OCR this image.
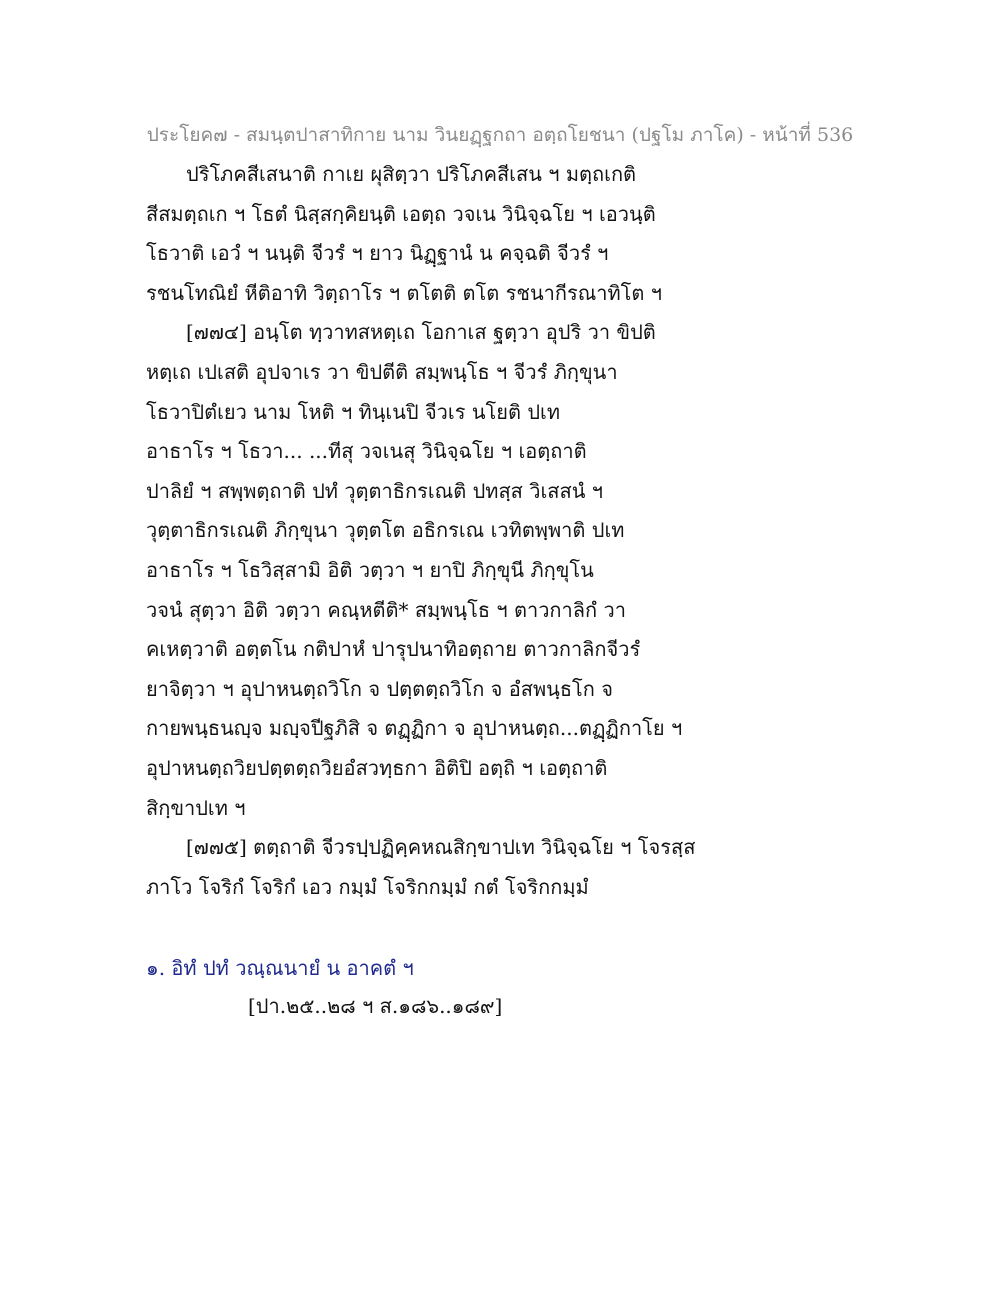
ประโยค๗ - สมนฺตปาสาทิกาย นาม วินยฏฺฐกถา อตฺถโยชนา (ปฐโม ภาโค) - หน้าที่ 536
ปริโภคสีเสนาติ กาเย ผุสิตฺวา ปริโภคสีเสน ฯ มตฺถเกติ
สีสมตฺถเก ฯ โธตํ นิสฺสกฺคิยนฺติ เอตฺถ วจเน วินิจฺฉโย ฯ เอวนฺติ
โธวาติ เอวํ ฯ นนฺติ จีวรํ ฯ ยาว นิฏฺฐานํ น คจฺฉติ จีวรํ ฯ
รชนโทณิยํ หีติอาทิ วิตฺถาโร ฯ ตโตติ ตโต รชนากีรณาทิโต ฯ
[๗๗๔] อนฺโต ทฺวาทสหตฺเถ โอกาเส ฐตฺวา อุปริ วา ขิปติ
หตฺเถ เปเสติ อุปจาเร วา ขิปตีติ สมฺพนฺโธ ฯ จีวรํ ภิกฺขุนา
โธวาปิตํเยว นาม โหติ ฯ ทินฺเนปิ จีวเร นโยติ ปเท
อาธาโร ฯ โธวา... ...ทีสุ วจเนสุ วินิจฺฉโย ฯ เอตฺถาติ
ปาลิยํ ฯ สพฺพตฺถาติ ปทํ วุตฺตาธิกรเณติ ปทสฺส วิเสสนํ ฯ
วุตฺตาธิกรเณติ ภิกฺขุนา วุตฺตโต อธิกรเณ เวทิตพฺพาติ ปเท
อาธาโร ฯ โธวิสฺสามิ อิติ วตฺวา ฯ ยาปิ ภิกฺขุนี ภิกฺขุโน
วจนํ สุตฺวา อิติ วตฺวา คณฺหตีติ* สมฺพนฺโธ ฯ ตาวกาลิกํ วา
คเหตฺวาติ อตฺตโน กติปาหํ ปารุปนาทิอตฺถาย ตาวกาลิกจีวรํ
ยาจิตฺวา ฯ อุปาหนตฺถวิโก จ ปตฺตตฺถวิโก จ อํสพนฺธโก จ
กายพนฺธนญฺจ มญฺจปีฐภิสิ จ ตฏฺฏิกา จ อุปาหนตฺถ...ตฏฺฏิกาโย ฯ
อุปาหนตฺถวิยปตฺตตฺถวิยอํสวทฺธกา อิติปิ อตฺถิ ฯ เอตฺถาติ
สิกฺขาปเท ฯ
[๗๗๕] ตตฺถาติ จีวรปฺปฏิคฺคหณสิกฺขาปเท วินิจฺฉโย ฯ โจรสฺส
ภาโว โจริกํ โจริกํ เอว กมฺมํ โจริกกมฺมํ กตํ โจริกกมฺมํ
๑. อิทํ ปทํ วณฺณนายํ น อาคตํ ฯ
[ปา.๒๕..๒๘ ฯ ส.๑๘๖..๑๘๙]
